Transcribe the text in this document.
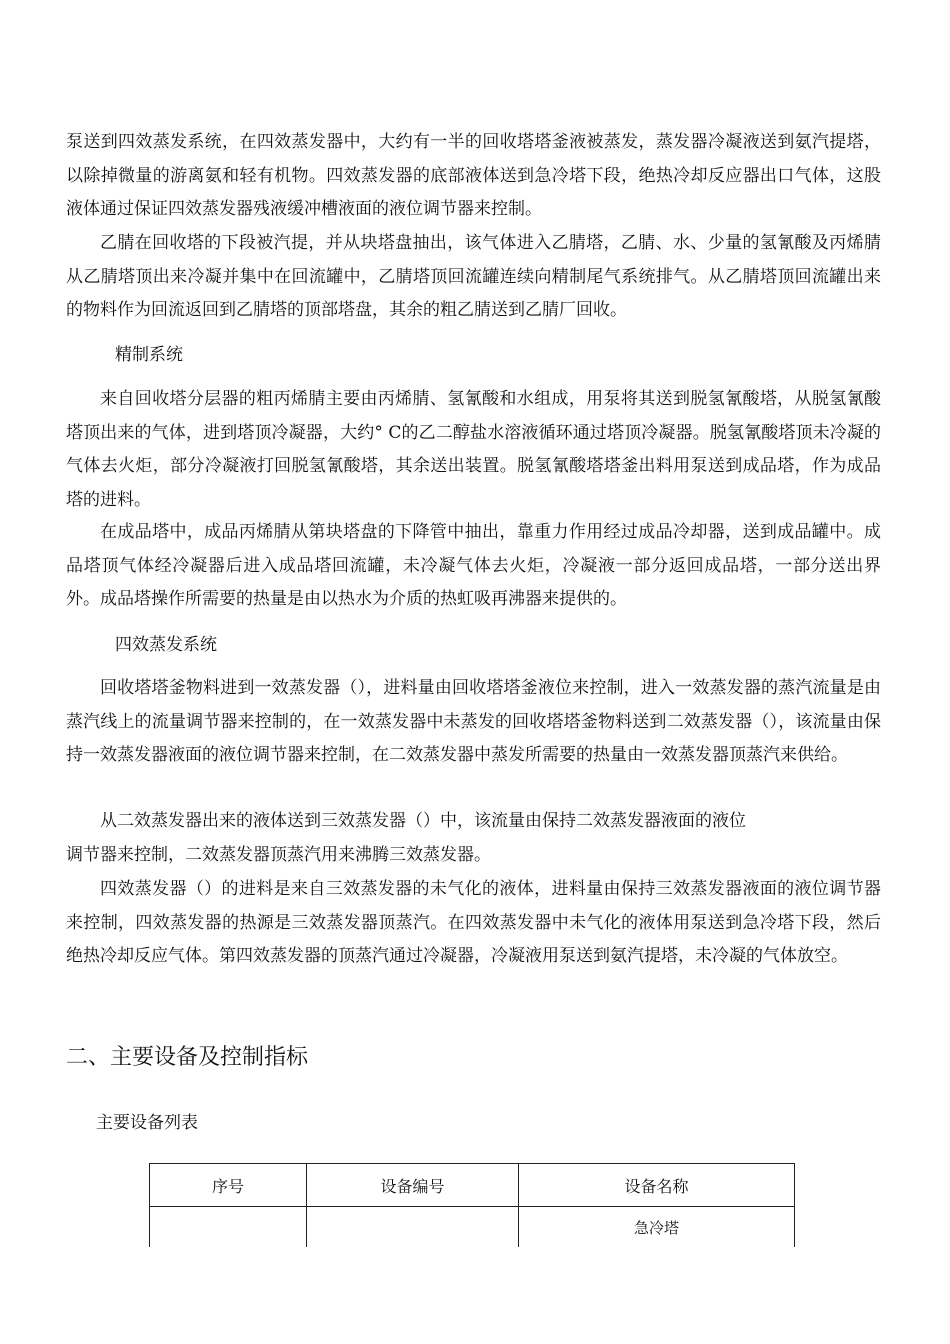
泵送到四效蒸发系统，在四效蒸发器中，大约有一半的回收塔塔釜液被蒸发，蒸发器冷凝液送到氨汽提塔，以除掉微量的游离氨和轻有机物。四效蒸发器的底部液体送到急冷塔下段，绝热冷却反应器出口气体，这股液体通过保证四效蒸发器残液缓冲槽液面的液位调节器来控制。

乙腈在回收塔的下段被汽提，并从块塔盘抽出，该气体进入乙腈塔，乙腈、水、少量的氢氰酸及丙烯腈从乙腈塔顶出来冷凝并集中在回流罐中，乙腈塔顶回流罐连续向精制尾气系统排气。从乙腈塔顶回流罐出来的物料作为回流返回到乙腈塔的顶部塔盘，其余的粗乙腈送到乙腈厂回收。

精制系统

来自回收塔分层器的粗丙烯腈主要由丙烯腈、氢氰酸和水组成，用泵将其送到脱氢氰酸塔，从脱氢氰酸塔顶出来的气体，进到塔顶冷凝器，大约° C的乙二醇盐水溶液循环通过塔顶冷凝器。脱氢氰酸塔顶未冷凝的气体去火炬，部分冷凝液打回脱氢氰酸塔，其余送出装置。脱氢氰酸塔塔釜出料用泵送到成品塔，作为成品塔的进料。

在成品塔中，成品丙烯腈从第块塔盘的下降管中抽出，靠重力作用经过成品冷却器，送到成品罐中。成品塔顶气体经冷凝器后进入成品塔回流罐，未冷凝气体去火炬，冷凝液一部分返回成品塔，一部分送出界外。成品塔操作所需要的热量是由以热水为介质的热虹吸再沸器来提供的。

四效蒸发系统

回收塔塔釜物料进到一效蒸发器（），进料量由回收塔塔釜液位来控制，进入一效蒸发器的蒸汽流量是由蒸汽线上的流量调节器来控制的，在一效蒸发器中未蒸发的回收塔塔釜物料送到二效蒸发器（），该流量由保持一效蒸发器液面的液位调节器来控制，在二效蒸发器中蒸发所需要的热量由一效蒸发器顶蒸汽来供给。

从二效蒸发器出来的液体送到三效蒸发器（）中，该流量由保持二效蒸发器液面的液位

调节器来控制，二效蒸发器顶蒸汽用来沸腾三效蒸发器。

四效蒸发器（）的进料是来自三效蒸发器的未气化的液体，进料量由保持三效蒸发器液面的液位调节器来控制，四效蒸发器的热源是三效蒸发器顶蒸汽。在四效蒸发器中未气化的液体用泵送到急冷塔下段，然后绝热冷却反应气体。第四效蒸发器的顶蒸汽通过冷凝器，冷凝液用泵送到氨汽提塔，未冷凝的气体放空。

二、主要设备及控制指标

主要设备列表

序号	设备编号	设备名称
		急冷塔
